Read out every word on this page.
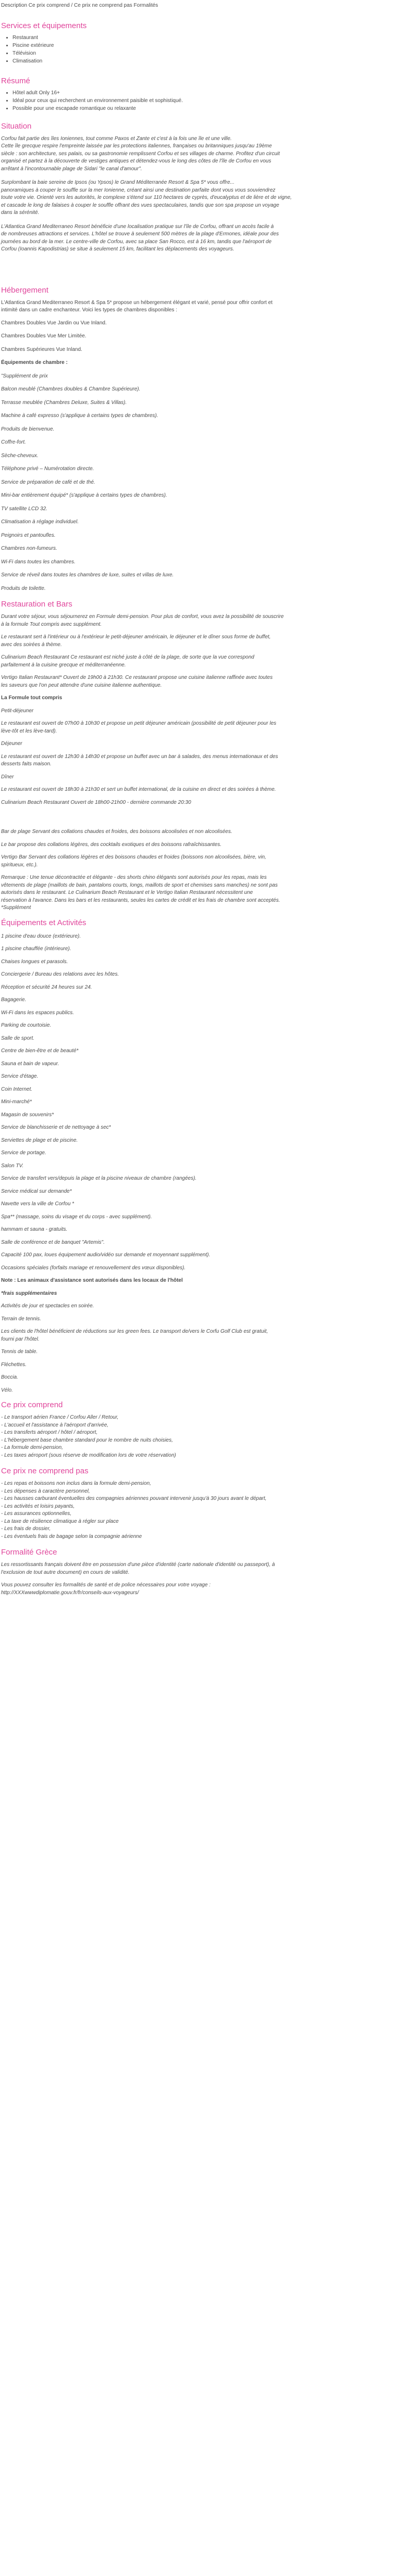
Description Ce prix comprend / Ce prix ne comprend pas Formalités

Services et équipements
• Restaurant
• Piscine extérieure
• Télévision
• Climatisation
Résumé
• Hôtel adult Only 16+
• Idéal pour ceux qui recherchent un environnement paisible et sophistiqué.
• Possible pour une escapade romantique ou relaxante
Situation
Corfou fait partie des îles Ioniennes, tout comme Paxos et Zante et c'est à la fois une île et une ville.
Cette île grecque respire l'empreinte laissée par les protections italiennes, françaises ou britanniques jusqu'au 19ème
siècle : son architecture, ses palais, ou sa gastronomie remplissent Corfou et ses villages de charme. Profitez d'un circuit
organisé et partez à la découverte de vestiges antiques et détendez-vous le long des côtes de l'île de Corfou en vous
arrêtant à l'incontournable plage de Sidari "le canal d'amour".
Surplombant la baie sereine de Ipsos (ou Ypsos) le Grand Méditerranée Resort & Spa 5* vous offre...
panoramiques à couper le souffle sur la mer Ionienne, créant ainsi une destination parfaite dont vous vous souviendrez
toute votre vie. Orienté vers les autorités, le complexe s'étend sur 110 hectares de cyprès, d'eucalyptus et de lière et de vigne,
et cascade le long de falaises à couper le souffle offrant des vues spectaculaires, tandis que son spa propose un voyage
dans la sérénité.
L'Atlantica Grand Mediterraneo Resort bénéficie d'une localisation pratique sur l'île de Corfou, offrant un accès facile à
de nombreuses attractions et services. L'hôtel se trouve à seulement 500 mètres de la plage d'Ermones, idéale pour des
journées au bord de la mer. Le centre-ville de Corfou, avec sa place San Rocco, est à 16 km, tandis que l'aéroport de
Corfou (Ioannis Kapodistrias) se situe à seulement 15 km, facilitant les déplacements des voyageurs.
Hébergement
L'Atlantica Grand Mediterraneo Resort & Spa 5* propose un hébergement élégant et varié, pensé pour offrir confort et
intimité dans un cadre enchanteur. Voici les types de chambres disponibles :

Chambres Doubles Vue Jardin ou Vue Inland.

Chambres Doubles Vue Mer Limitée.

Chambres Supérieures Vue Inland.

Équipements de chambre :

"Supplément de prix

Balcon meublé (Chambres doubles & Chambre Supérieure).

Terrasse meublée (Chambres Deluxe, Suites & Villas).

Machine à café expresso (s'applique à certains types de chambres).

Produits de bienvenue.

Coffre-fort.

Sèche-cheveux.

Téléphone privé – Numérotation directe.

Service de préparation de café et de thé.

Mini-bar entièrement équipé* (s'applique à certains types de chambres).

TV satellite LCD 32.

Climatisation à réglage individuel.

Peignoirs et pantoufles.

Chambres non-fumeurs.

Wi-Fi dans toutes les chambres.

Service de réveil dans toutes les chambres de luxe, suites et villas de luxe.

Produits de toilette.

Restauration et Bars
Durant votre séjour, vous séjournerez en Formule demi-pension. Pour plus de confort, vous avez la possibilité de souscrire
à la formule Tout compris avec supplément.
Le restaurant sert à l'intérieur ou à l'extérieur le petit-déjeuner américain, le déjeuner et le dîner sous forme de buffet,
avec des soirées à thème.
Culinarium Beach Restaurant Ce restaurant est niché juste à côté de la plage, de sorte que la vue correspond
parfaitement à la cuisine grecque et méditerranéenne.
Vertigo Italian Restaurant* Ouvert de 19h00 à 21h30. Ce restaurant propose une cuisine italienne raffinée avec toutes
les saveurs que l'on peut attendre d'une cuisine italienne authentique.

La Formule tout compris

Petit-déjeuner

Le restaurant est ouvert de 07h00 à 10h30 et propose un petit déjeuner américain (possibilité de petit déjeuner pour les
lève-tôt et les lève-tard).

Déjeuner

Le restaurant est ouvert de 12h30 à 14h30 et propose un buffet avec un bar à salades, des menus internationaux et des
desserts faits maison.

Dîner

Le restaurant est ouvert de 18h30 à 21h30 et sert un buffet international, de la cuisine en direct et des soirées à thème.
Culinarium Beach Restaurant Ouvert de 18h00-21h00 - dernière commande 20:30
Bar de plage Servant des collations chaudes et froides, des boissons alcoolisées et non alcoolisées.
Le bar propose des collations légères, des cocktails exotiques et des boissons rafraîchissantes.
Vertigo Bar Servant des collations légères et des boissons chaudes et froides (boissons non alcoolisées, bière, vin,
spiritueux, etc.).
Remarque : Une tenue décontractée et élégante - des shorts chino élégants sont autorisés pour les repas, mais les
vêtements de plage (maillots de bain, pantalons courts, longs, maillots de sport et chemises sans manches) ne sont pas
autorisés dans le restaurant. Le Culinarium Beach Restaurant et le Vertigo Italian Restaurant nécessitent une
réservation à l'avance. Dans les bars et les restaurants, seules les cartes de crédit et les frais de chambre sont acceptés.
*Supplément
Équipements et Activités

1 piscine d'eau douce (extérieure).

1 piscine chauffée (intérieure).

Chaises longues et parasols.

Conciergerie / Bureau des relations avec les hôtes.

Réception et sécurité 24 heures sur 24.

Bagagerie.

Wi-Fi dans les espaces publics.

Parking de courtoisie.

Salle de sport.

Centre de bien-être et de beauté*

Sauna et bain de vapeur.

Service d'étage.

Coin Internet.

Mini-marché*

Magasin de souvenirs*

Service de blanchisserie et de nettoyage à sec*

Serviettes de plage et de piscine.

Service de portage.

Salon TV.

Service de transfert vers/depuis la plage et la piscine niveaux de chambre (rangées).

Service médical sur demande*

Navette vers la ville de Corfou *

Spa** (massage, soins du visage et du corps - avec supplément).

hammam et sauna - gratuits.

Salle de conférence et de banquet "Artemis".

Capacité 100 pax, loues équipement audio/vidéo sur demande et moyennant supplément).

Occasions spéciales (forfaits mariage et renouvellement des vœux disponibles).

Note : Les animaux d'assistance sont autorisés dans les locaux de l'hôtel

*frais supplémentaires

Activités de jour et spectacles en soirée.

Terrain de tennis.

Les clients de l'hôtel bénéficient de réductions sur les green fees. Le transport de/vers le Corfu Golf Club est gratuit,
fourni par l'hôtel.

Tennis de table.

Fléchettes.

Boccia.

Vélo.

Ce prix comprend
- Le transport aérien France / Corfou Aller / Retour,
- L'accueil et l'assistance à l'aéroport d'arrivée,
- Les transferts aéroport / hôtel / aéroport,
- L'hébergement base chambre standard pour le nombre de nuits choisies,
- La formule demi-pension,
- Les taxes aéroport (sous réserve de modification lors de votre réservation)
Ce prix ne comprend pas
- Les repas et boissons non inclus dans la formule demi-pension,
- Les dépenses à caractère personnel,
- Les hausses carburant éventuelles des compagnies aériennes pouvant intervenir jusqu'à 30 jours avant le départ,
- Les activités et loisirs payants,
- Les assurances optionnelles,
- La taxe de résilience climatique à régler sur place
- Les frais de dossier,
- Les éventuels frais de bagage selon la compagnie aérienne
Formalité Grèce
Les ressortissants français doivent être en possession d'une pièce d'identité (carte nationale d'identité ou passeport), à
l'exclusion de tout autre document) en cours de validité.
Vous pouvez consulter les formalités de santé et de police nécessaires pour votre voyage :
http://XXXwwwdiplomatie.gouv.fr/fr/conseils-aux-voyageurs/
